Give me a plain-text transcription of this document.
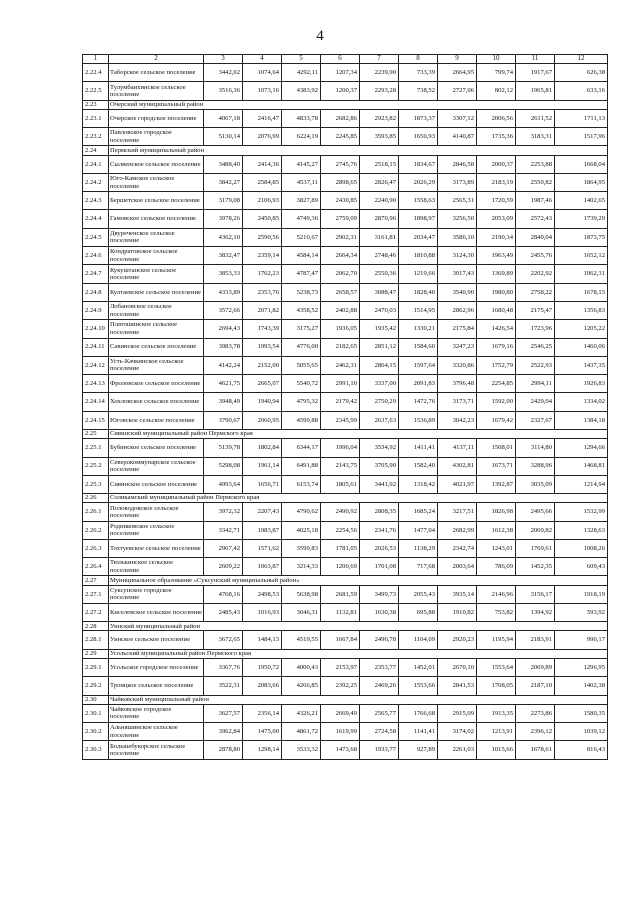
4
1	2	3	4	5	6	7	8	9	10	11	12
2.22.4	Таборское сельское поселение	3442,02	1074,64	4292,11	1207,34	2239,90	733,39	2664,95	799,74	1917,67	626,38
2.22.5	Тулумбаихинское сельское поселение	3516,36	1073,16	4383,92	1200,37	2293,28	738,52	2727,06	802,12	1965,81	633,16
2.23	Очерский муниципальный район										
2.23.1	Очерское городское поселение	4067,18	2416,47	4833,78	2682,86	2923,82	1873,37	3307,12	2006,56	2611,52	1711,13
2.23.2	Павловское городское поселение	5130,14	2076,99	6224,19	2245,85	3593,85	1650,93	4140,87	1735,36	3183,31	1517,96
2.24	Пермский муниципальный район										
2.24.1	Сылвенское сельское поселение	3488,40	2414,36	4145,27	2745,76	2518,15	1834,67	2846,58	2000,37	2253,88	1668,04
2.24.2	Юго-Камское сельское поселение	3842,27	2584,85	4537,11	2898,65	2826,47	2026,29	3173,89	2183,19	2550,82	1864,95
2.24.3	Бершетское сельское поселение	3179,08	2106,93	3827,89	2430,85	2240,90	1558,63	2565,31	1720,59	1987,46	1402,65
2.24.4	Гамовское сельское поселение	3978,26	2450,85	4749,36	2759,09	2870,96	1898,97	3256,50	2053,09	2572,43	1739,29
2.24.5	Двуреченское сельское поселение	4362,10	2590,56	5210,67	2902,31	3161,81	2034,47	3586,10	2190,34	2840,04	1873,75
2.24.6	Кондратовское сельское поселение	3832,47	2359,14	4584,14	2664,34	2748,46	1810,88	3124,30	1963,49	2455,76	1652,12
2.24.7	Кукуштанское сельское поселение	3853,33	1762,23	4787,47	2062,70	2550,36	1219,66	3017,43	1369,89	2202,92	1062,31
2.24.8	Култаевское сельское поселение	4333,89	2353,76	5238,73	2658,57	3088,47	1828,40	3540,90	1980,80	2758,22	1678,15
2.24.9	Лобановское сельское поселение	3572,66	2071,82	4358,52	2402,88	2470,03	1514,95	2862,96	1680,48	2175,47	1356,83
2.24.10	Платошинское сельское поселение	2694,43	1743,39	3175,27	1936,05	1935,42	1330,21	2175,84	1426,54	1723,96	1205,22
2.24.11	Савинское сельское поселение	3983,78	1993,54	4776,00	2182,65	2851,12	1584,60	3247,23	1679,16	2546,25	1460,06
2.24.12	Усть-Качкинское сельское поселение	4142,24	2152,00	5055,65	2462,31	2864,15	1597,64	3320,86	1752,79	2522,93	1437,35
2.24.13	Фроловское сельское поселение	4621,75	2665,07	5540,72	2991,10	3337,00	2091,83	3796,48	2254,85	2994,11	1926,83
2.24.14	Хохловское сельское поселение	3948,49	1940,94	4795,32	2179,42	2750,29	1472,76	3173,71	1592,00	2429,04	1334,02
2.24.15	Юговское сельское поселение	3790,67	2060,95	4599,88	2345,99	2637,63	1536,89	3042,23	1679,42	2327,67	1384,18
2.25	Сивинский муниципальный район Пермского края										
2.25.1	Бубинское сельское поселение	5139,78	1802,84	6344,17	1996,04	3534,92	1411,41	4137,11	1508,01	3114,80	1294,66
2.25.2	Северокоммунарское сельское поселение	5298,08	1961,14	6491,88	2143,75	3705,90	1582,40	4302,81	1673,71	3288,96	1468,81
2.25.3	Сивинское сельское поселение	4993,64	1656,71	6153,74	1805,61	3441,92	1318,42	4021,97	1392,87	3035,09	1214,94
2.26	Соликамский муниципальный район Пермского края										
2.26.1	Половодовское сельское поселение	3972,32	2207,43	4790,62	2490,92	2808,35	1685,24	3217,51	1826,98	2495,66	1532,99
2.26.2	Родниковское сельское поселение	3342,71	1983,87	4025,18	2254,56	2341,76	1477,04	2682,99	1612,38	2069,82	1328,63
2.26.3	Тохтуевское сельское поселение	2967,42	1571,62	3599,83	1781,05	2026,53	1138,29	2342,74	1243,01	1769,61	1008,26
2.26.4	Тюлькинское сельское поселение	2609,22	1063,87	3214,33	1200,69	1701,08	717,68	2003,64	786,09	1452,35	609,43
2.27	Муниципальное образование «Суксунский муниципальный район»										
2.27.1	Суксунское городское поселение	4768,16	2498,53	5638,98	2681,59	3499,73	2055,43	3935,14	2146,96	3156,17	1918,19
2.27.2	Киселевское сельское поселение	2485,43	1016,93	3046,31	1132,81	1630,38	695,88	1910,82	753,82	1394,92	593,92
2.28	Уинский муниципальный район										
2.28.1	Уинское сельское поселение	3672,65	1484,13	4519,55	1667,84	2496,78	1104,09	2920,23	1195,94	2183,91	990,17
2.29	Усольский муниципальный район Пермского края										
2.29.1	Усольское городское поселение	3367,76	1950,72	4000,43	2153,97	2353,77	1452,01	2670,10	1553,64	2069,89	1296,95
2.29.2	Троицкое сельское поселение	3522,31	2083,66	4266,85	2392,25	2469,26	1553,66	2841,53	1708,05	2187,10	1402,38
2.30	Чайковский муниципальный район										
2.30.1	Чайковское городское поселение	3627,57	2356,14	4326,21	2669,49	2565,77	1766,68	2915,09	1913,35	2273,86	1580,35
2.30.2	Альняшинское сельское поселение	3962,84	1475,00	4861,72	1619,99	2724,58	1141,41	3174,02	1213,91	2396,12	1039,12
2.30.3	Большебукорское сельское поселение	2878,80	1298,14	3533,32	1473,68	1933,77	927,89	2261,03	1015,66	1678,61	816,43
